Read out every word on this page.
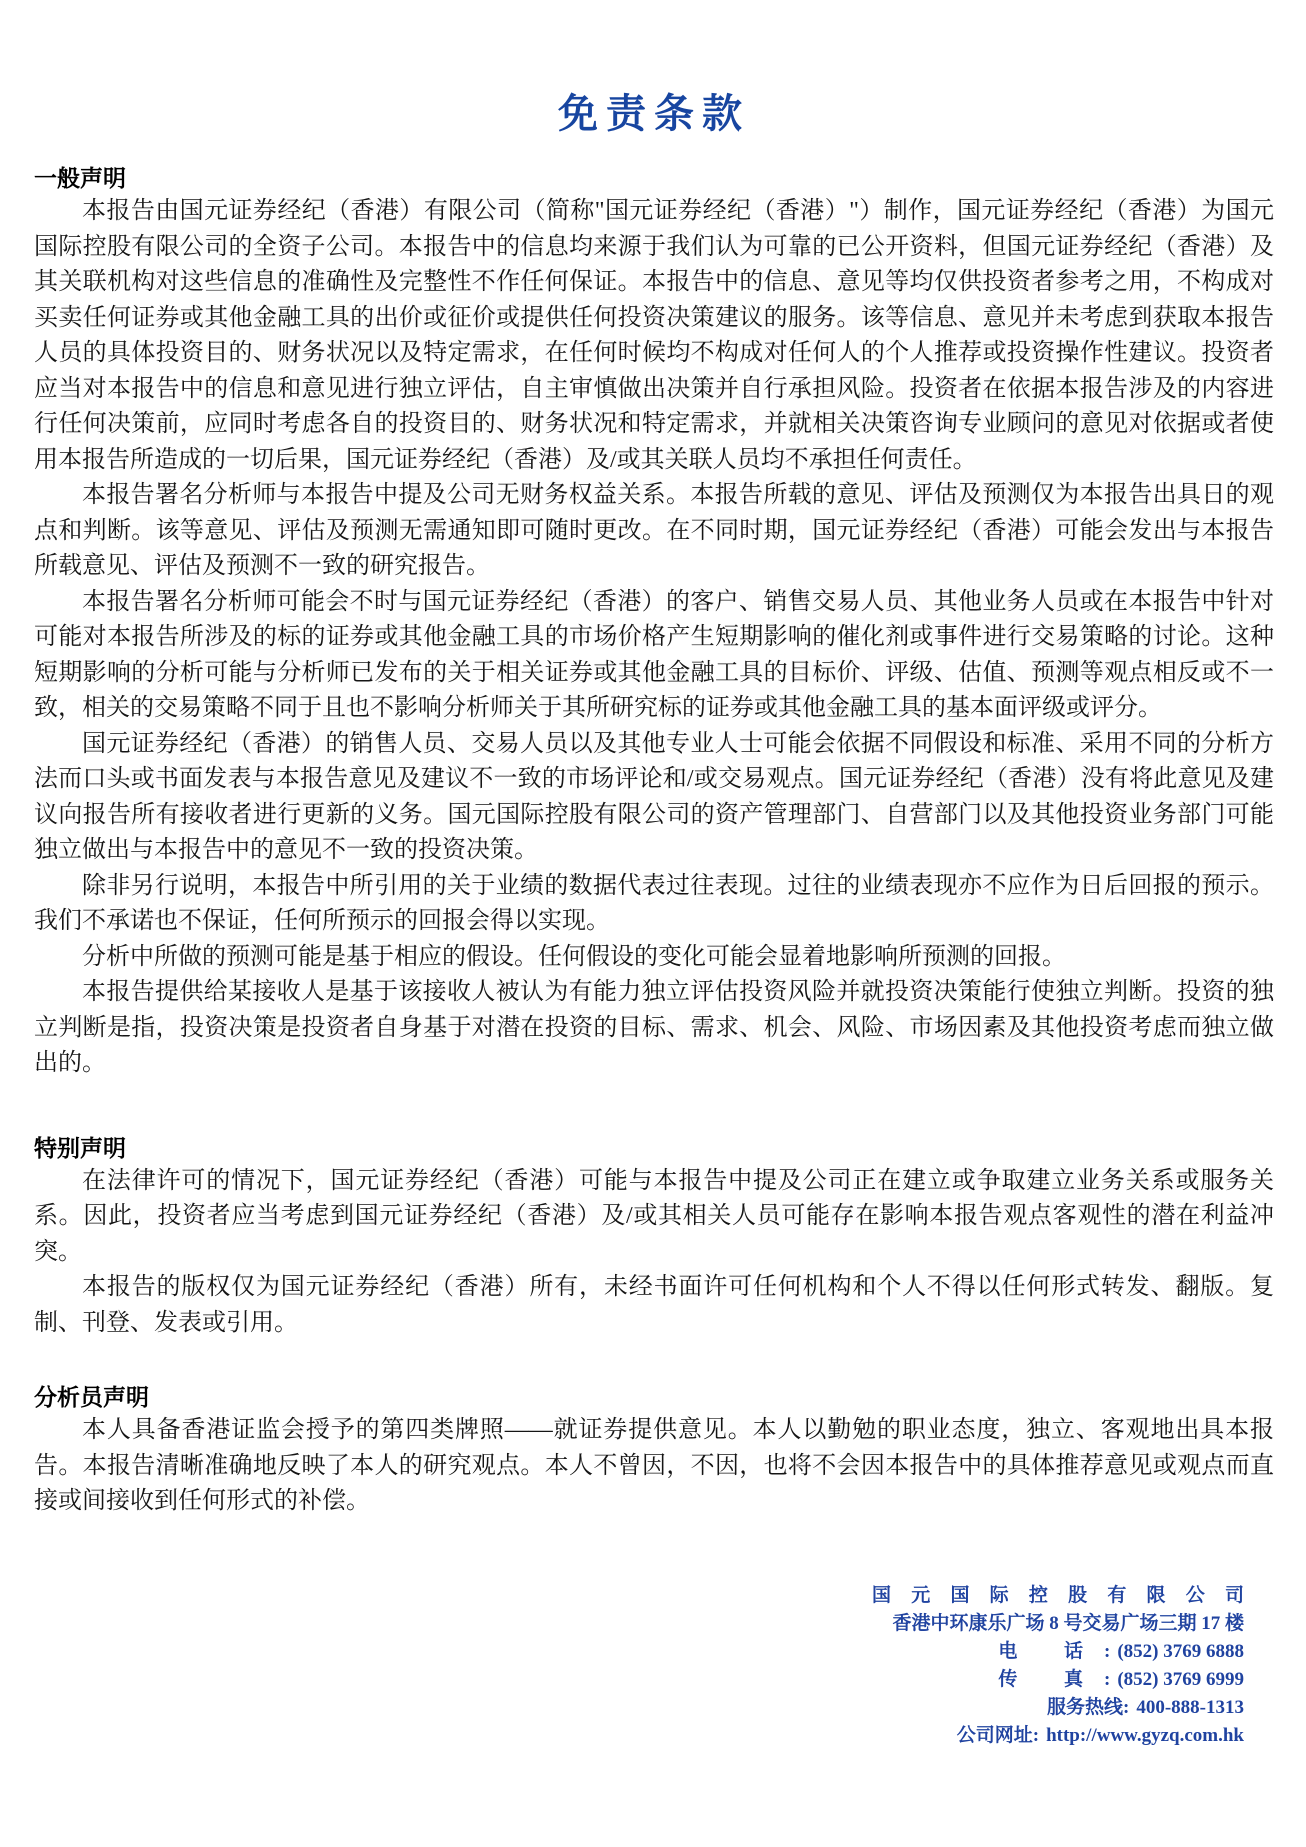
免责条款
一般声明

本报告由国元证券经纪（香港）有限公司（简称"国元证券经纪（香港）"）制作，国元证券经纪（香港）为国元国际控股有限公司的全资子公司。本报告中的信息均来源于我们认为可靠的已公开资料，但国元证券经纪（香港）及其关联机构对这些信息的准确性及完整性不作任何保证。本报告中的信息、意见等均仅供投资者参考之用，不构成对买卖任何证券或其他金融工具的出价或征价或提供任何投资决策建议的服务。该等信息、意见并未考虑到获取本报告人员的具体投资目的、财务状况以及特定需求，在任何时候均不构成对任何人的个人推荐或投资操作性建议。投资者应当对本报告中的信息和意见进行独立评估，自主审慎做出决策并自行承担风险。投资者在依据本报告涉及的内容进行任何决策前，应同时考虑各自的投资目的、财务状况和特定需求，并就相关决策咨询专业顾问的意见对依据或者使用本报告所造成的一切后果，国元证券经纪（香港）及/或其关联人员均不承担任何责任。

本报告署名分析师与本报告中提及公司无财务权益关系。本报告所载的意见、评估及预测仅为本报告出具日的观点和判断。该等意见、评估及预测无需通知即可随时更改。在不同时期，国元证券经纪（香港）可能会发出与本报告所载意见、评估及预测不一致的研究报告。

本报告署名分析师可能会不时与国元证券经纪（香港）的客户、销售交易人员、其他业务人员或在本报告中针对可能对本报告所涉及的标的证券或其他金融工具的市场价格产生短期影响的催化剂或事件进行交易策略的讨论。这种短期影响的分析可能与分析师已发布的关于相关证券或其他金融工具的目标价、评级、估值、预测等观点相反或不一致，相关的交易策略不同于且也不影响分析师关于其所研究标的证券或其他金融工具的基本面评级或评分。

国元证券经纪（香港）的销售人员、交易人员以及其他专业人士可能会依据不同假设和标准、采用不同的分析方法而口头或书面发表与本报告意见及建议不一致的市场评论和/或交易观点。国元证券经纪（香港）没有将此意见及建议向报告所有接收者进行更新的义务。国元国际控股有限公司的资产管理部门、自营部门以及其他投资业务部门可能独立做出与本报告中的意见不一致的投资决策。

除非另行说明，本报告中所引用的关于业绩的数据代表过往表现。过往的业绩表现亦不应作为日后回报的预示。我们不承诺也不保证，任何所预示的回报会得以实现。

分析中所做的预测可能是基于相应的假设。任何假设的变化可能会显着地影响所预测的回报。

本报告提供给某接收人是基于该接收人被认为有能力独立评估投资风险并就投资决策能行使独立判断。投资的独立判断是指，投资决策是投资者自身基于对潜在投资的目标、需求、机会、风险、市场因素及其他投资考虑而独立做出的。

特别声明

在法律许可的情况下，国元证券经纪（香港）可能与本报告中提及公司正在建立或争取建立业务关系或服务关系。因此，投资者应当考虑到国元证券经纪（香港）及/或其相关人员可能存在影响本报告观点客观性的潜在利益冲突。

本报告的版权仅为国元证券经纪（香港）所有，未经书面许可任何机构和个人不得以任何形式转发、翻版。复制、刊登、发表或引用。

分析员声明

本人具备香港证监会授予的第四类牌照——就证券提供意见。本人以勤勉的职业态度，独立、客观地出具本报告。本报告清晰准确地反映了本人的研究观点。本人不曾因，不因，也将不会因本报告中的具体推荐意见或观点而直接或间接收到任何形式的补偿。

国 元 国 际 控 股 有 限 公 司
香港中环康乐广场 8 号交易广场三期 17 楼
电 话: (852) 3769 6888
传 真: (852) 3769 6999
服务热线: 400-888-1313
公司网址: http://www.gyzq.com.hk
